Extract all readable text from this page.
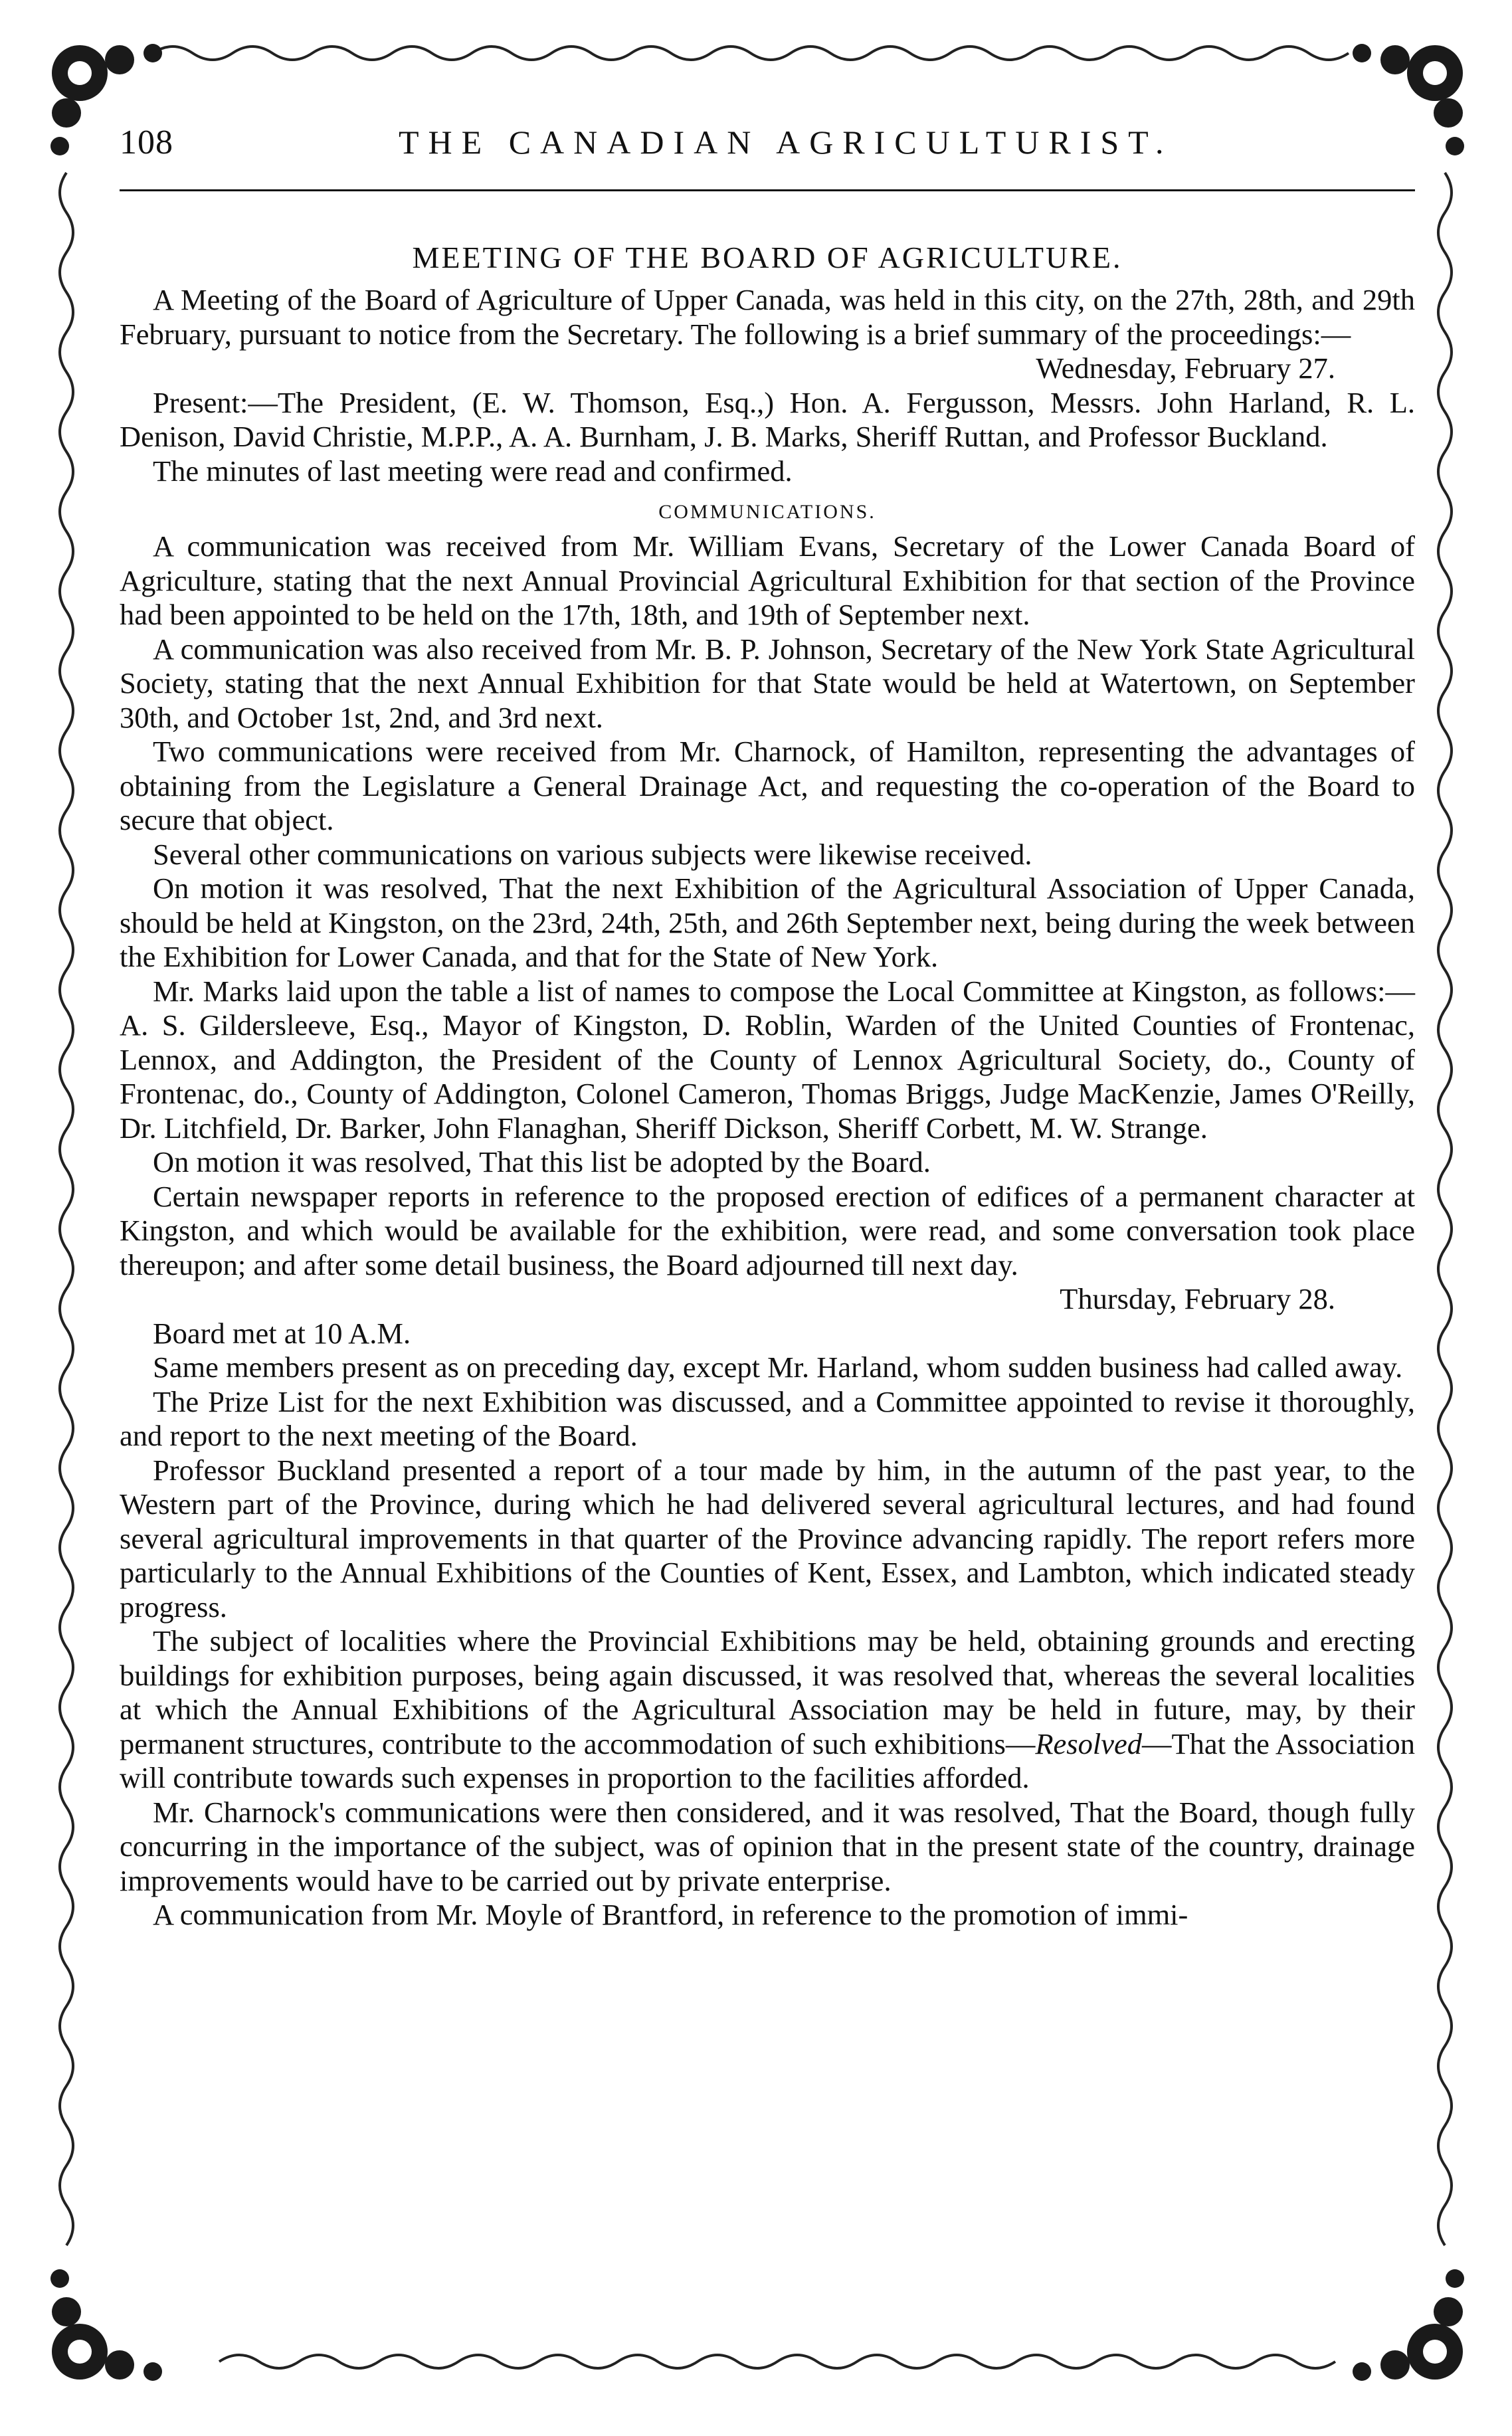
108	THE CANADIAN AGRICULTURIST.
MEETING OF THE BOARD OF AGRICULTURE.

A Meeting of the Board of Agriculture of Upper Canada, was held in this city, on the 27th, 28th, and 29th February, pursuant to notice from the Secretary. The following is a brief summary of the proceedings:—

Wednesday, February 27.

Present:—The President, (E. W. Thomson, Esq.,) Hon. A. Fergusson, Messrs. John Harland, R. L. Denison, David Christie, M.P.P., A. A. Burnham, J. B. Marks, Sheriff Ruttan, and Professor Buckland.

The minutes of last meeting were read and confirmed.

COMMUNICATIONS.

A communication was received from Mr. William Evans, Secretary of the Lower Canada Board of Agriculture, stating that the next Annual Provincial Agricultural Exhibition for that section of the Province had been appointed to be held on the 17th, 18th, and 19th of September next.

A communication was also received from Mr. B. P. Johnson, Secretary of the New York State Agricultural Society, stating that the next Annual Exhibition for that State would be held at Watertown, on September 30th, and October 1st, 2nd, and 3rd next.

Two communications were received from Mr. Charnock, of Hamilton, representing the advantages of obtaining from the Legislature a General Drainage Act, and requesting the co-operation of the Board to secure that object.

Several other communications on various subjects were likewise received.

On motion it was resolved, That the next Exhibition of the Agricultural Association of Upper Canada, should be held at Kingston, on the 23rd, 24th, 25th, and 26th September next, being during the week between the Exhibition for Lower Canada, and that for the State of New York.

Mr. Marks laid upon the table a list of names to compose the Local Committee at Kingston, as follows:—A. S. Gildersleeve, Esq., Mayor of Kingston, D. Roblin, Warden of the United Counties of Frontenac, Lennox, and Addington, the President of the County of Lennox Agricultural Society, do., County of Frontenac, do., County of Addington, Colonel Cameron, Thomas Briggs, Judge MacKenzie, James O'Reilly, Dr. Litchfield, Dr. Barker, John Flanaghan, Sheriff Dickson, Sheriff Corbett, M. W. Strange.

On motion it was resolved, That this list be adopted by the Board.

Certain newspaper reports in reference to the proposed erection of edifices of a permanent character at Kingston, and which would be available for the exhibition, were read, and some conversation took place thereupon; and after some detail business, the Board adjourned till next day.

Thursday, February 28.

Board met at 10 A.M.

Same members present as on preceding day, except Mr. Harland, whom sudden business had called away.

The Prize List for the next Exhibition was discussed, and a Committee appointed to revise it thoroughly, and report to the next meeting of the Board.

Professor Buckland presented a report of a tour made by him, in the autumn of the past year, to the Western part of the Province, during which he had delivered several agricultural lectures, and had found several agricultural improvements in that quarter of the Province advancing rapidly. The report refers more particularly to the Annual Exhibitions of the Counties of Kent, Essex, and Lambton, which indicated steady progress.

The subject of localities where the Provincial Exhibitions may be held, obtaining grounds and erecting buildings for exhibition purposes, being again discussed, it was resolved that, whereas the several localities at which the Annual Exhibitions of the Agricultural Association may be held in future, may, by their permanent structures, contribute to the accommodation of such exhibitions—Resolved—That the Association will contribute towards such expenses in proportion to the facilities afforded.

Mr. Charnock's communications were then considered, and it was resolved, That the Board, though fully concurring in the importance of the subject, was of opinion that in the present state of the country, drainage improvements would have to be carried out by private enterprise.

A communication from Mr. Moyle of Brantford, in reference to the promotion of immi-
